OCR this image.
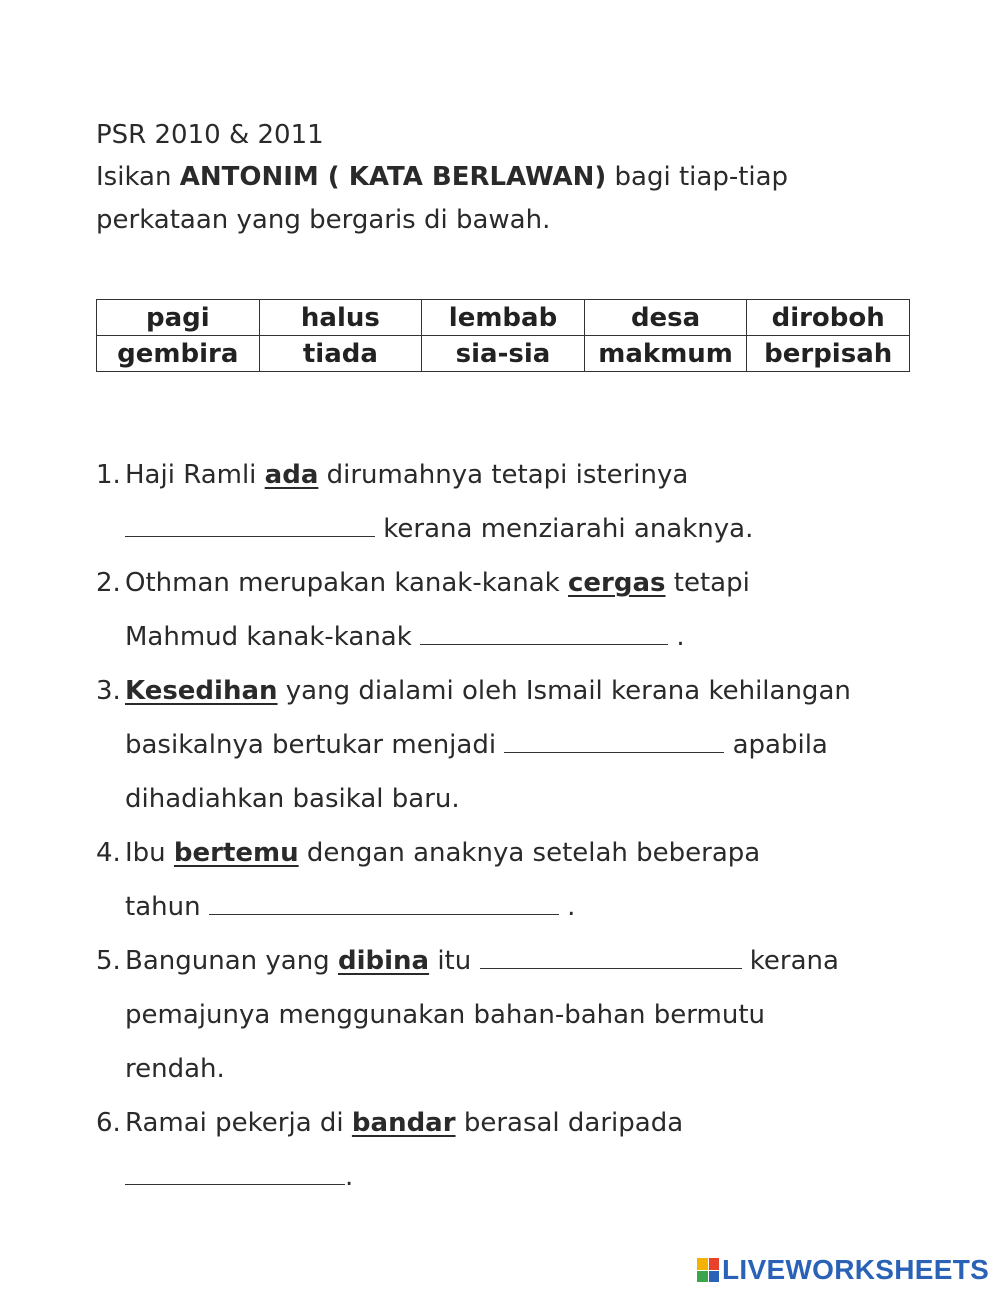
PSR 2010 & 2011
Isikan ANTONIM ( KATA BERLAWAN) bagi tiap-tiap
perkataan yang bergaris di bawah.
pagi	halus	lembab	desa	diroboh
gembira	tiada	sia-sia	makmum	berpisah
1. Haji Ramli ada dirumahnya tetapi isterinya
kerana menziarahi anaknya.
2. Othman merupakan kanak-kanak cergas tetapi
Mahmud kanak-kanak	.
3. Kesedihan yang dialami oleh Ismail kerana kehilangan
basikalnya bertukar menjadi	apabila
dihadiahkan basikal baru.
4. Ibu bertemu dengan anaknya setelah beberapa
tahun	.
5. Bangunan yang dibina itu	kerana
pemajunya menggunakan bahan-bahan bermutu
rendah.
6. Ramai pekerja di bandar berasal daripada
.
LIVEWORKSHEETS
